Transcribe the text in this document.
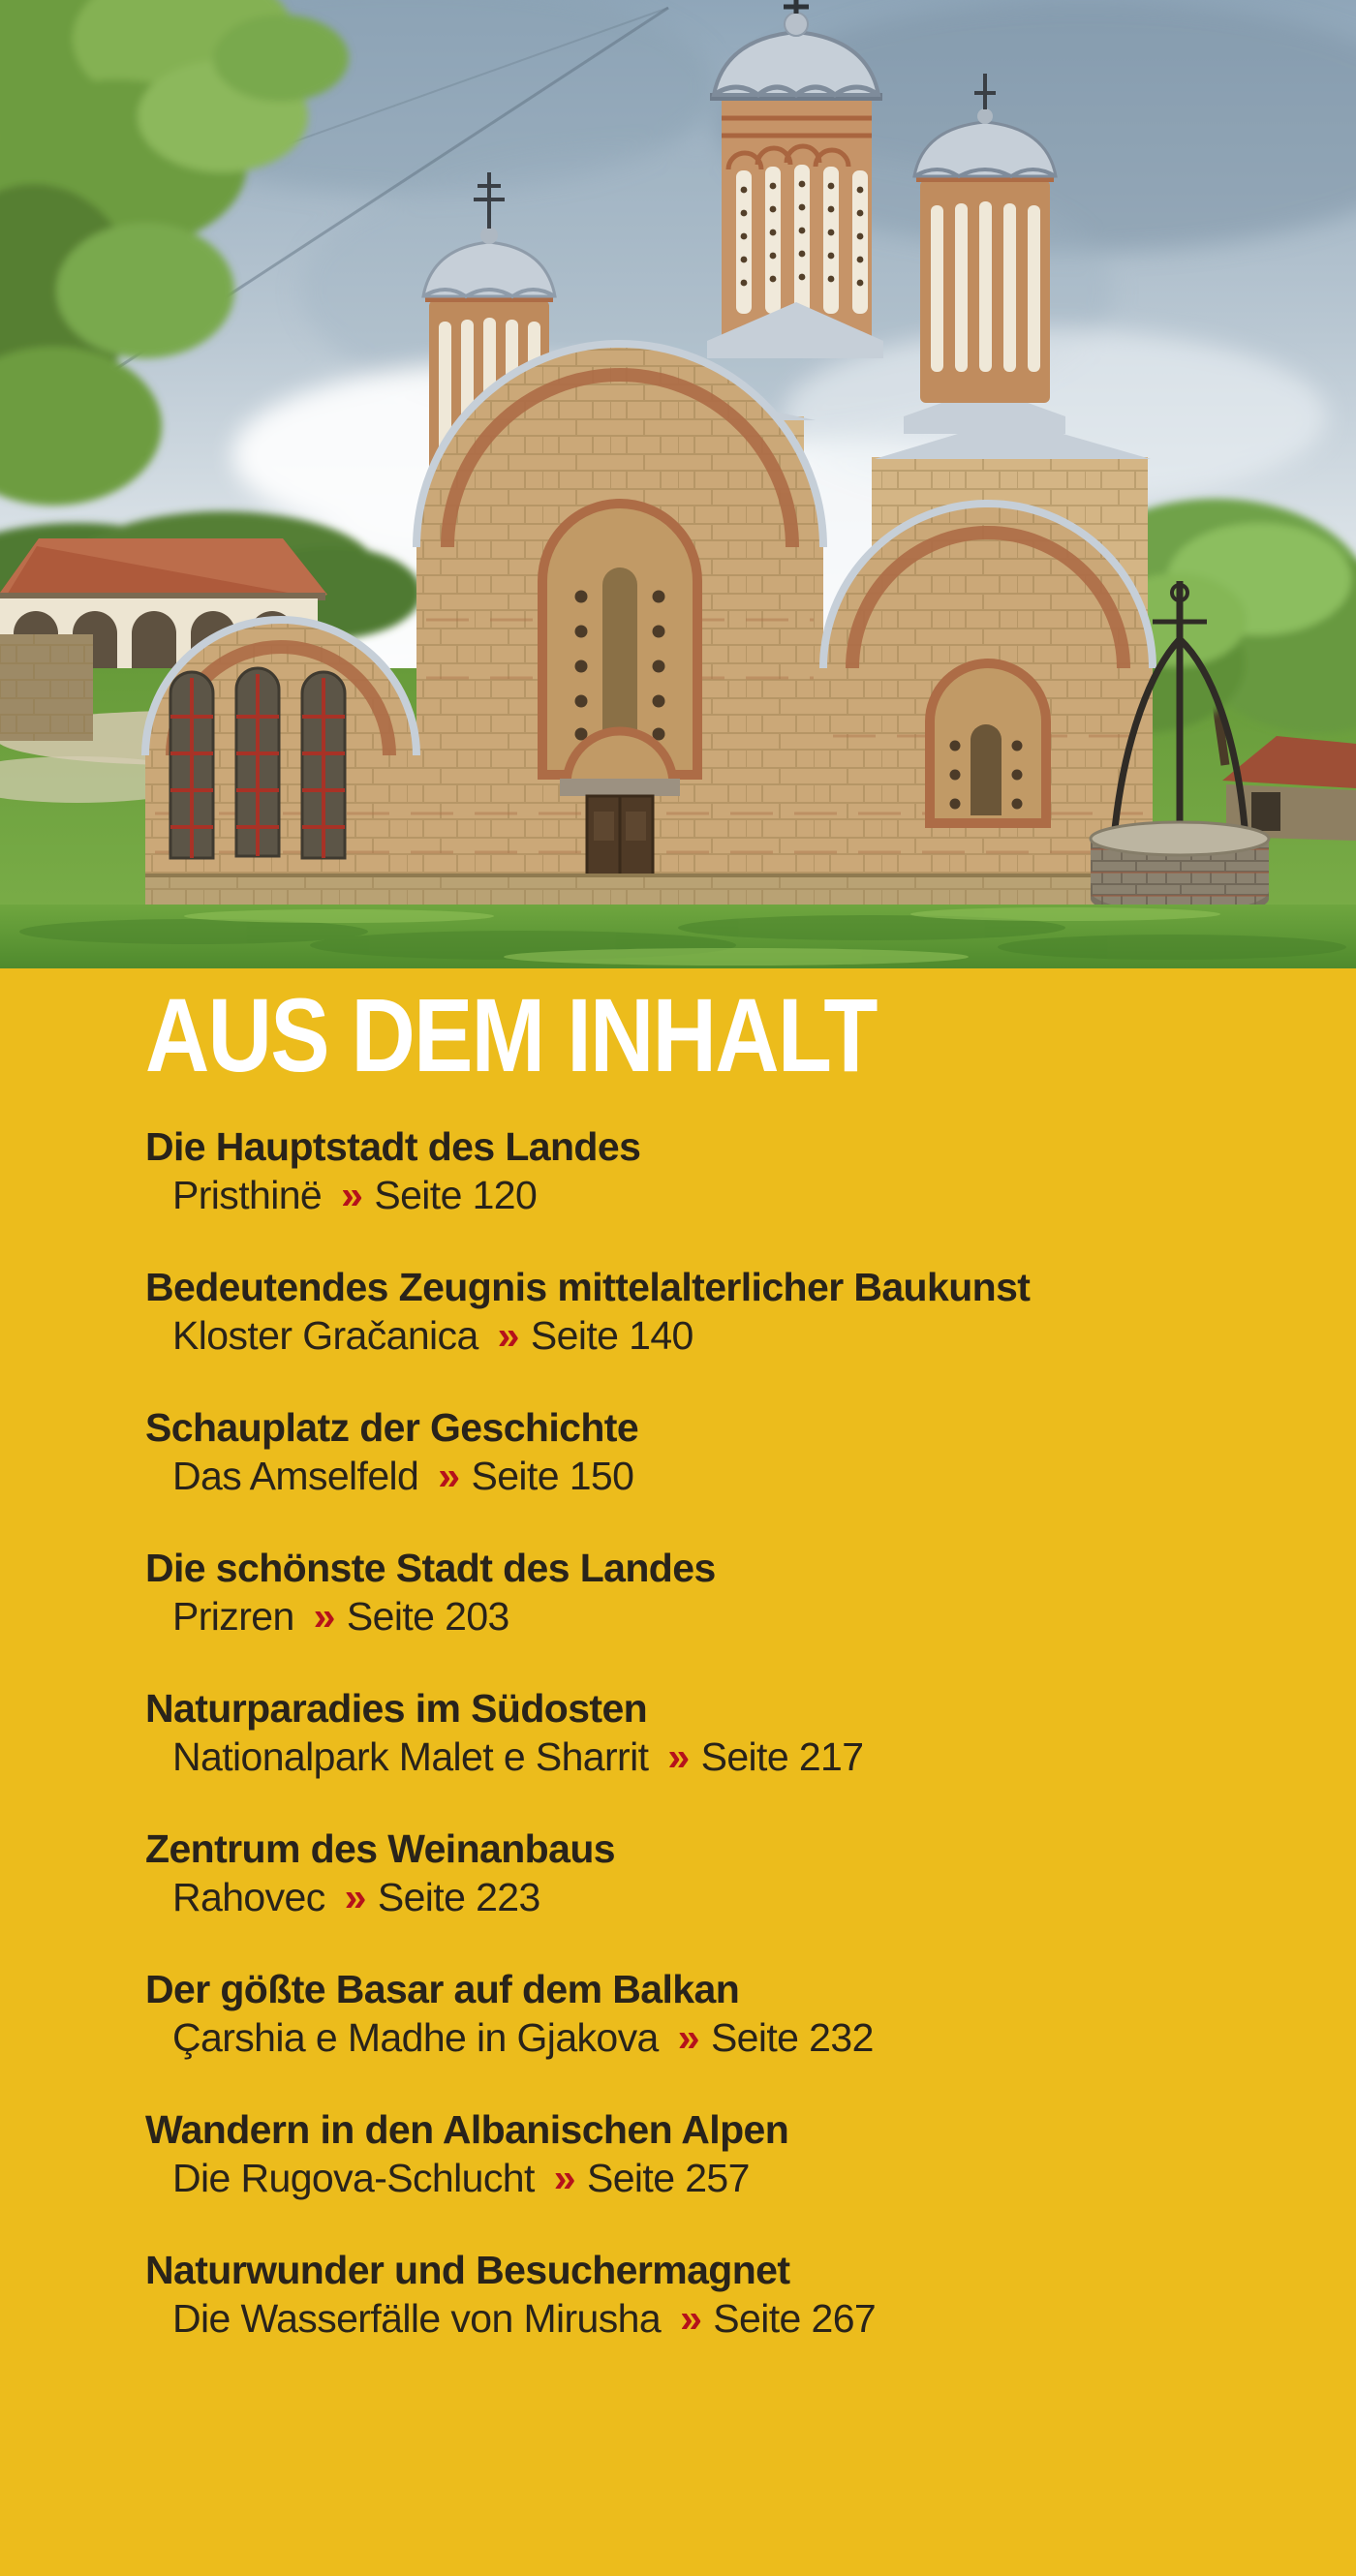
AUS DEM INHALT
Die Hauptstadt des Landes
Pristhinë » Seite 120
Bedeutendes Zeugnis mittelalterlicher Baukunst
Kloster Gračanica » Seite 140
Schauplatz der Geschichte
Das Amselfeld » Seite 150
Die schönste Stadt des Landes
Prizren » Seite 203
Naturparadies im Südosten
Nationalpark Malet e Sharrit » Seite 217
Zentrum des Weinanbaus
Rahovec » Seite 223
Der gößte Basar auf dem Balkan
Çarshia e Madhe in Gjakova » Seite 232
Wandern in den Albanischen Alpen
Die Rugova-Schlucht » Seite 257
Naturwunder und Besuchermagnet
Die Wasserfälle von Mirusha » Seite 267
